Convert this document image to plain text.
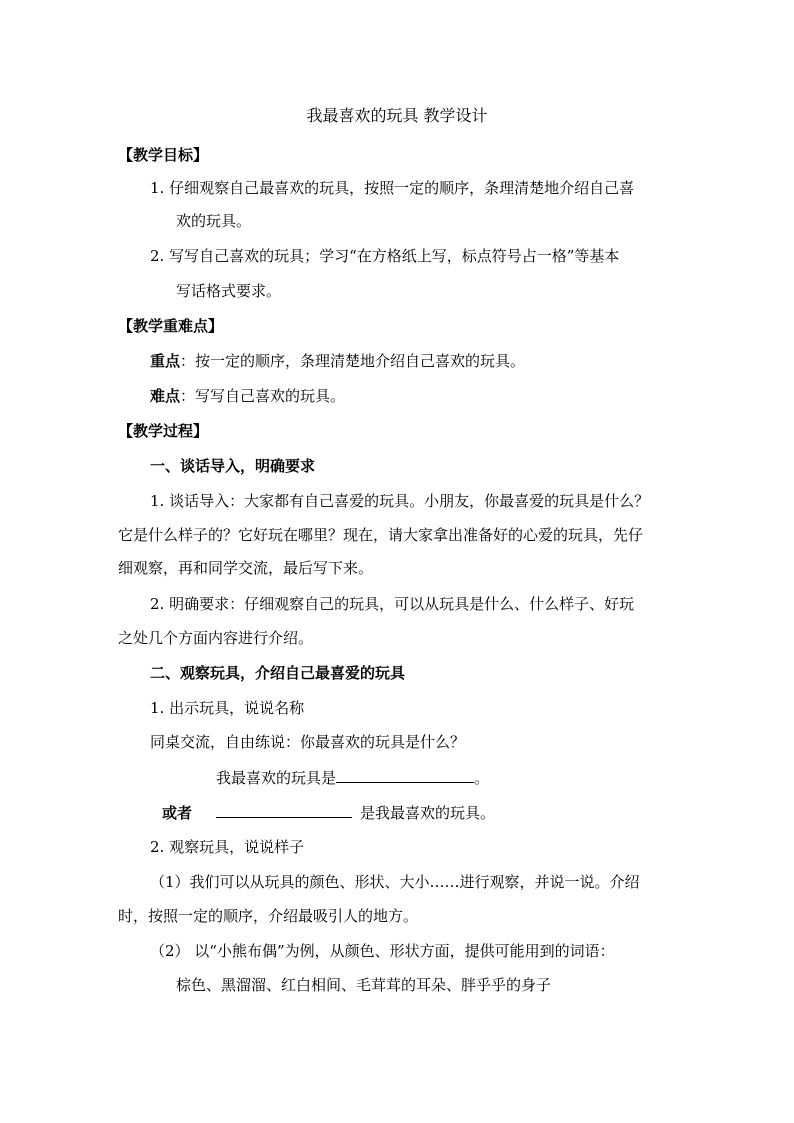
我最喜欢的玩具 教学设计
【教学目标】
1. 仔细观察自己最喜欢的玩具，按照一定的顺序，条理清楚地介绍自己喜
欢的玩具。
2. 写写自己喜欢的玩具；学习“在方格纸上写，标点符号占一格”等基本
写话格式要求。
【教学重难点】
重点：按一定的顺序，条理清楚地介绍自己喜欢的玩具。
难点：写写自己喜欢的玩具。
【教学过程】
一、谈话导入，明确要求
1. 谈话导入：大家都有自己喜爱的玩具。小朋友，你最喜爱的玩具是什么？
它是什么样子的？它好玩在哪里？现在，请大家拿出准备好的心爱的玩具，先仔
细观察，再和同学交流，最后写下来。
2. 明确要求：仔细观察自己的玩具，可以从玩具是什么、什么样子、好玩
之处几个方面内容进行介绍。
二、观察玩具，介绍自己最喜爱的玩具
1. 出示玩具，说说名称
同桌交流，自由练说：你最喜欢的玩具是什么？
我最喜欢的玩具是	。
或者	是我最喜欢的玩具。
2. 观察玩具，说说样子
（1）我们可以从玩具的颜色、形状、大小……进行观察，并说一说。介绍
时，按照一定的顺序，介绍最吸引人的地方。
（2） 以“小熊布偶”为例，从颜色、形状方面，提供可能用到的词语：
棕色、黑溜溜、红白相间、毛茸茸的耳朵、胖乎乎的身子
